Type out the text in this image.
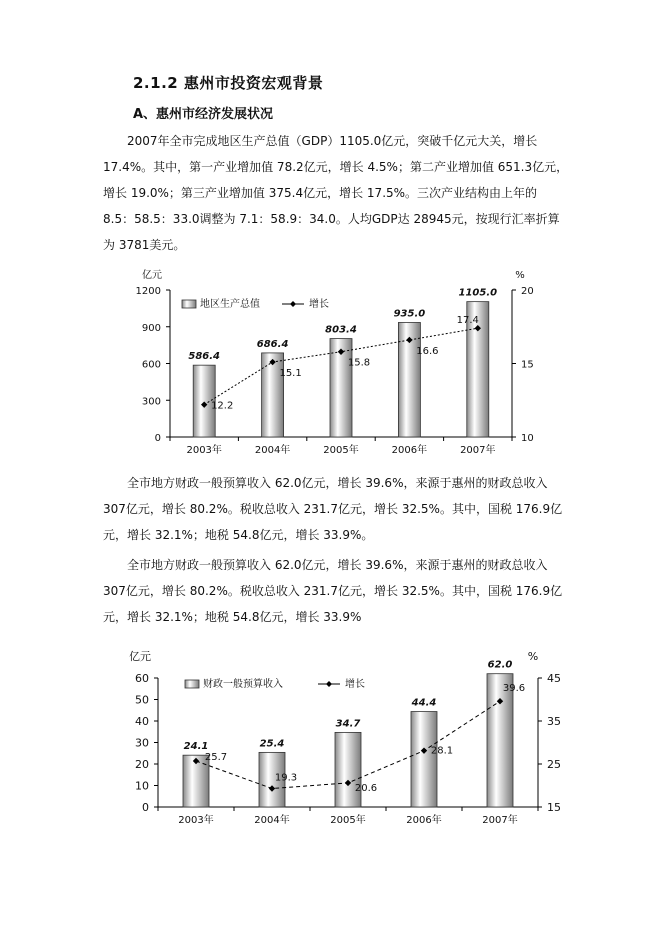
2.1.2 惠州市投资宏观背景
A、惠州市经济发展状况
2007年全市完成地区生产总值（GDP）1105.0亿元，突破千亿元大关，增长
17.4%。其中，第一产业增加值 78.2亿元，增长 4.5%；第二产业增加值 651.3亿元，
增长 19.0%；第三产业增加值 375.4亿元，增长 17.5%。三次产业结构由上年的
8.5：58.5：33.0调整为 7.1：58.9：34.0。人均GDP达 28945元，按现行汇率折算
为 3781美元。
0
300
600
900
1200
10
15
20
2003年	2004年	2005年	2006年	2007年
亿元	%
586.4
686.4
803.4
935.0
1105.0
12.2
15.1
15.8
16.6
17.4
地区生产总值	增长
全市地方财政一般预算收入 62.0亿元，增长 39.6%，来源于惠州的财政总收入
307亿元，增长 80.2%。税收总收入 231.7亿元，增长 32.5%。其中，国税 176.9亿
元，增长 32.1%；地税 54.8亿元，增长 33.9%。
全市地方财政一般预算收入 62.0亿元，增长 39.6%，来源于惠州的财政总收入
307亿元，增长 80.2%。税收总收入 231.7亿元，增长 32.5%。其中，国税 176.9亿
元，增长 32.1%；地税 54.8亿元，增长 33.9%
0
10
20
30
40
50
60
15
25
35
45
2003年	2004年	2005年	2006年	2007年
亿元	%
24.1	25.4
34.7
44.4
62.0
25.7
19.3
20.6
28.1
39.6
财政一般预算收入	增长
